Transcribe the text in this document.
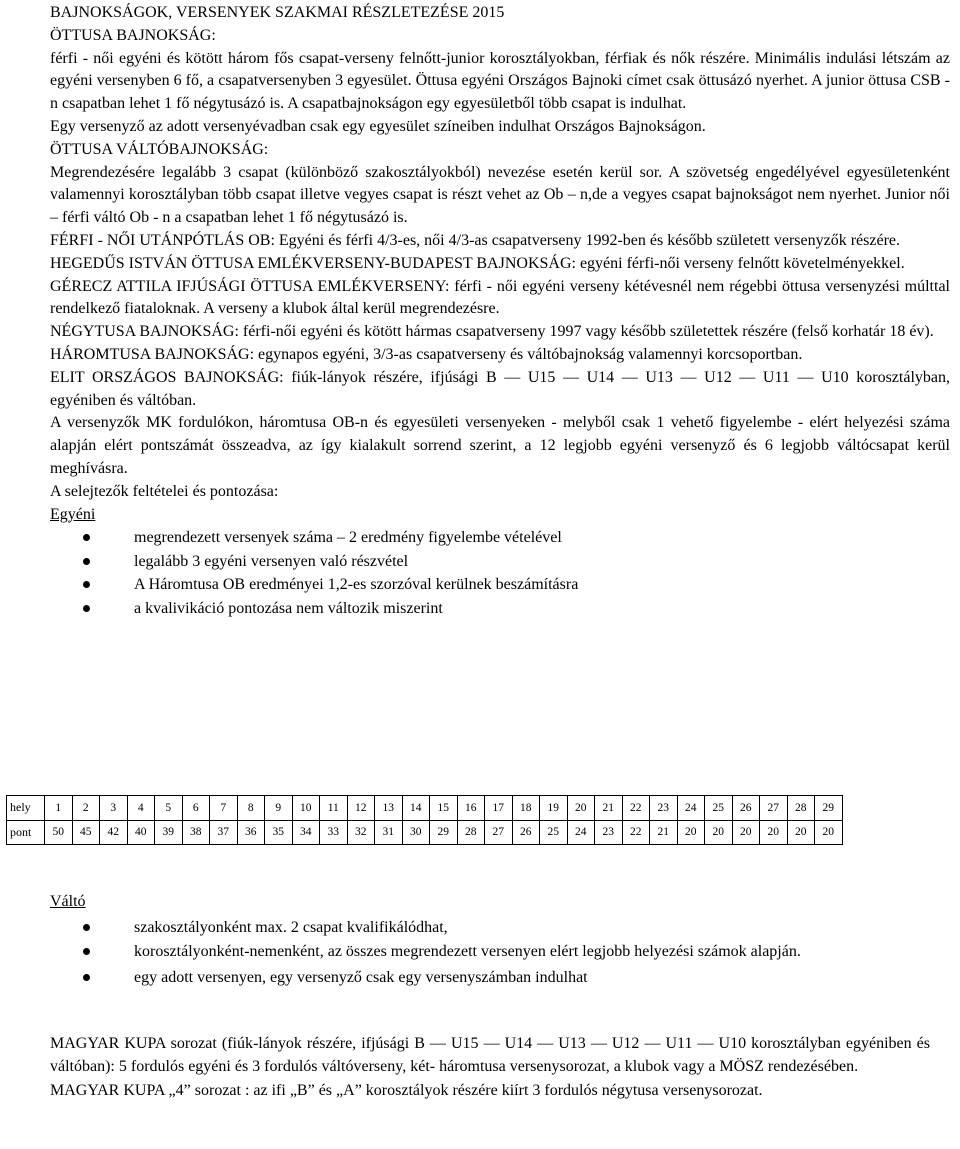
BAJNOKSÁGOK, VERSENYEK SZAKMAI RÉSZLETEZÉSE 2015

ÖTTUSA BAJNOKSÁG:

férfi - női egyéni és kötött három fős csapat-verseny felnőtt-junior korosztályokban, férfiak és nők részére. Minimális indulási létszám az egyéni versenyben 6 fő, a csapatversenyben 3 egyesület. Öttusa egyéni Országos Bajnoki címet csak öttusázó nyerhet. A junior öttusa CSB - n csapatban lehet 1 fő négytusázó is. A csapatbajnokságon egy egyesületből több csapat is indulhat.

Egy versenyző az adott versenyévadban csak egy egyesület színeiben indulhat Országos Bajnokságon.

ÖTTUSA VÁLTÓBAJNOKSÁG:

Megrendezésére legalább 3 csapat (különböző szakosztályokból) nevezése esetén kerül sor. A szövetség engedélyével egyesületenként valamennyi korosztályban több csapat illetve vegyes csapat is részt vehet az Ob – n,de a vegyes csapat bajnokságot nem nyerhet. Junior női – férfi váltó Ob - n a csapatban lehet 1 fő négytusázó is.

FÉRFI - NŐI UTÁNPÓTLÁS OB: Egyéni és férfi 4/3-es, női 4/3-as csapatverseny 1992-ben és később született versenyzők részére.

HEGEDŰS ISTVÁN ÖTTUSA EMLÉKVERSENY-BUDAPEST BAJNOKSÁG: egyéni férfi-női verseny felnőtt követelményekkel.

GÉRECZ ATTILA IFJÚSÁGI ÖTTUSA EMLÉKVERSENY: férfi - női egyéni verseny kétévesnél nem régebbi öttusa versenyzési múlttal rendelkező fiataloknak. A verseny a klubok által kerül megrendezésre.

NÉGYTUSA BAJNOKSÁG: férfi-női egyéni és kötött hármas csapatverseny 1997 vagy később születettek részére (felső korhatár 18 év).

HÁROMTUSA BAJNOKSÁG: egynapos egyéni, 3/3-as csapatverseny és váltóbajnokság valamennyi korcsoportban.

ELIT ORSZÁGOS BAJNOKSÁG: fiúk-lányok részére, ifjúsági B — U15 — U14 — U13 — U12 — U11 — U10 korosztályban, egyéniben és váltóban.

A versenyzők MK fordulókon, háromtusa OB-n és egyesületi versenyeken - melyből csak 1 vehető figyelembe - elért helyezési száma alapján elért pontszámát összeadva, az így kialakult sorrend szerint, a 12 legjobb egyéni versenyző és 6 legjobb váltócsapat kerül meghívásra.

A selejtezők feltételei és pontozása:

Egyéni

megrendezett versenyek száma – 2 eredmény figyelembe vételével
legalább 3 egyéni versenyen való részvétel
A Háromtusa OB eredményei 1,2-es szorzóval kerülnek beszámításra
a kvalivikáció pontozása nem változik miszerint
hely	1	2	3	4	5	6	7	8	9	10	11	12	13	14	15	16	17	18	19	20	21	22	23	24	25	26	27	28	29
pont	50	45	42	40	39	38	37	36	35	34	33	32	31	30	29	28	27	26	25	24	23	22	21	20	20	20	20	20	20

Váltó

szakosztályonként max. 2 csapat kvalifikálódhat,
korosztályonként-nemenként, az összes megrendezett versenyen elért legjobb helyezési számok alapján.
egy adott versenyen, egy versenyző csak egy versenyszámban indulhat

MAGYAR KUPA sorozat (fiúk-lányok részére, ifjúsági B — U15 — U14 — U13 — U12 — U11 — U10 korosztályban egyéniben és váltóban): 5 fordulós egyéni és 3 fordulós váltóverseny, két- háromtusa versenysorozat, a klubok vagy a MÖSZ rendezésében.

MAGYAR KUPA „4” sorozat : az ifi „B” és „A” korosztályok részére kiírt 3 fordulós négytusa versenysorozat.
